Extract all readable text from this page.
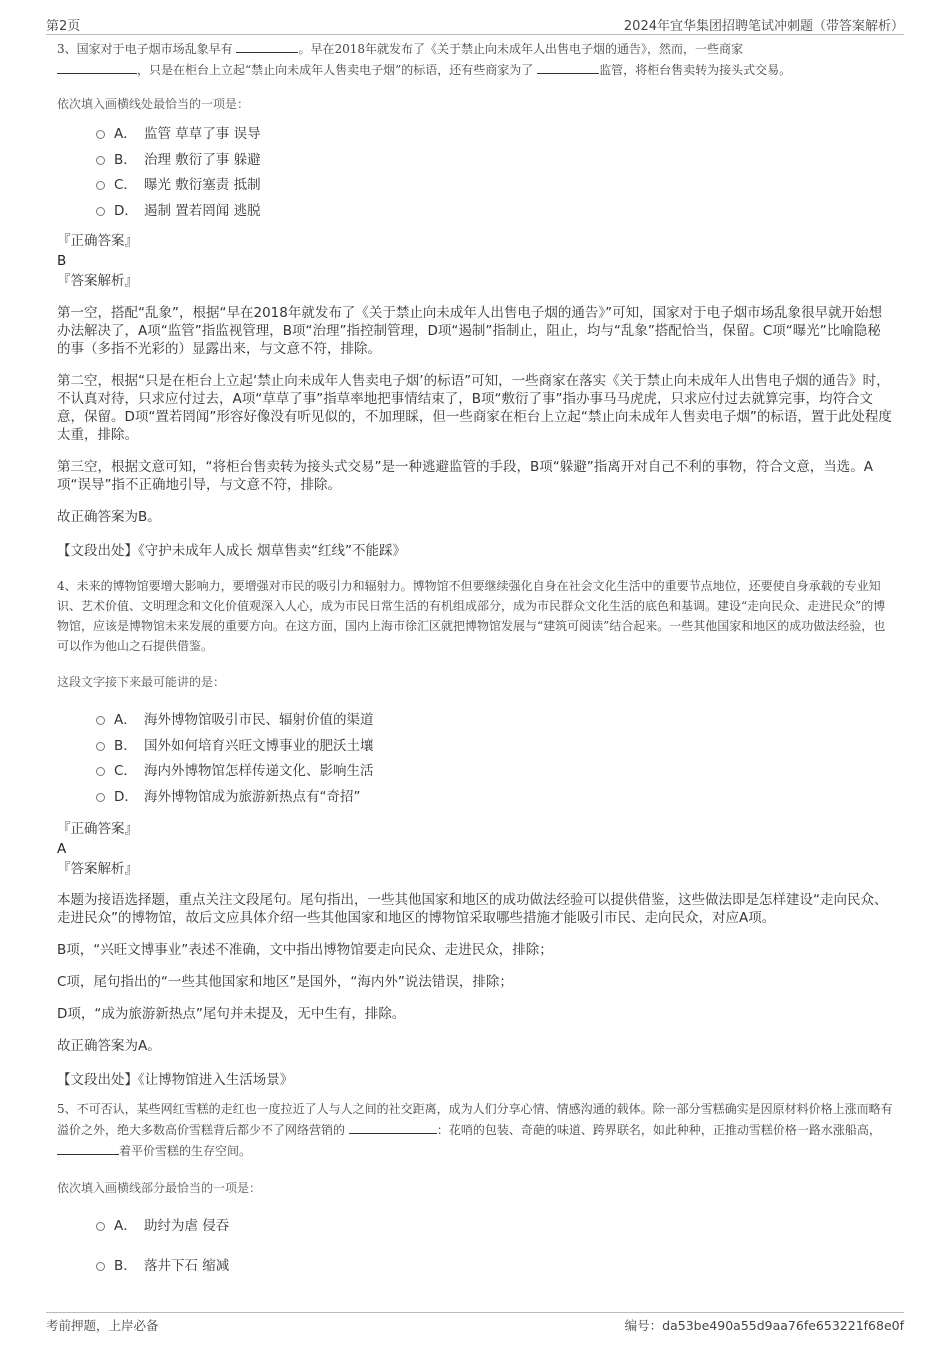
第2页	2024年宜华集团招聘笔试冲刺题（带答案解析）

3、国家对于电子烟市场乱象早有	。早在2018年就发布了《关于禁止向未成年人出售电子烟的通告》，然而，一些商家
，只是在柜台上立起“禁止向未成年人售卖电子烟”的标语，还有些商家为了	监管，将柜台售卖转为接头式交易。

依次填入画横线处最恰当的一项是：

A． 监管 草草了事 误导
B． 治理 敷衍了事 躲避
C． 曝光 敷衍塞责 抵制
D． 遏制 置若罔闻 逃脱

『正确答案』

B

『答案解析』

第一空，搭配“乱象”，根据“早在2018年就发布了《关于禁止向未成年人出售电子烟的通告》”可知，国家对于电子烟市场乱象很早就开始想办法解决了，A项“监管”指监视管理，B项“治理”指控制管理，D项“遏制”指制止，阻止，均与“乱象”搭配恰当，保留。C项“曝光”比喻隐秘的事（多指不光彩的）显露出来，与文意不符，排除。

第二空，根据“只是在柜台上立起‘禁止向未成年人售卖电子烟’的标语”可知，一些商家在落实《关于禁止向未成年人出售电子烟的通告》时，不认真对待，只求应付过去，A项“草草了事”指草率地把事情结束了，B项“敷衍了事”指办事马马虎虎，只求应付过去就算完事，均符合文意，保留。D项“置若罔闻”形容好像没有听见似的，不加理睬，但一些商家在柜台上立起“禁止向未成年人售卖电子烟”的标语，置于此处程度太重，排除。

第三空，根据文意可知，“将柜台售卖转为接头式交易”是一种逃避监管的手段，B项“躲避”指离开对自己不利的事物，符合文意，当选。A项“误导”指不正确地引导，与文意不符，排除。

故正确答案为B。

【文段出处】《守护未成年人成长 烟草售卖“红线”不能踩》

4、未来的博物馆要增大影响力，要增强对市民的吸引力和辐射力。博物馆不但要继续强化自身在社会文化生活中的重要节点地位，还要使自身承载的专业知识、艺术价值、文明理念和文化价值观深入人心，成为市民日常生活的有机组成部分，成为市民群众文化生活的底色和基调。建设“走向民众、走进民众”的博物馆，应该是博物馆未来发展的重要方向。在这方面，国内上海市徐汇区就把博物馆发展与“建筑可阅读”结合起来。一些其他国家和地区的成功做法经验，也可以作为他山之石提供借鉴。

这段文字接下来最可能讲的是：

A． 海外博物馆吸引市民、辐射价值的渠道
B． 国外如何培育兴旺文博事业的肥沃土壤
C． 海内外博物馆怎样传递文化、影响生活
D． 海外博物馆成为旅游新热点有“奇招”

『正确答案』

A

『答案解析』

本题为接语选择题，重点关注文段尾句。尾句指出，一些其他国家和地区的成功做法经验可以提供借鉴，这些做法即是怎样建设“走向民众、走进民众”的博物馆，故后文应具体介绍一些其他国家和地区的博物馆采取哪些措施才能吸引市民、走向民众，对应A项。

B项，“兴旺文博事业”表述不准确，文中指出博物馆要走向民众、走进民众，排除；

C项，尾句指出的“一些其他国家和地区”是国外，“海内外”说法错误，排除；

D项，“成为旅游新热点”尾句并未提及，无中生有，排除。

故正确答案为A。

【文段出处】《让博物馆进入生活场景》

5、不可否认，某些网红雪糕的走红也一度拉近了人与人之间的社交距离，成为人们分享心情、情感沟通的载体。除一部分雪糕确实是因原材料价格上涨而略有溢价之外，绝大多数高价雪糕背后都少不了网络营销的	：花哨的包装、奇葩的味道、跨界联名，如此种种，正推动雪糕价格一路水涨船高， 着平价雪糕的生存空间。

依次填入画横线部分最恰当的一项是：

A． 助纣为虐 侵吞
B． 落井下石 缩减
考前押题，上岸必备	编号：da53be490a55d9aa76fe653221f68e0f
